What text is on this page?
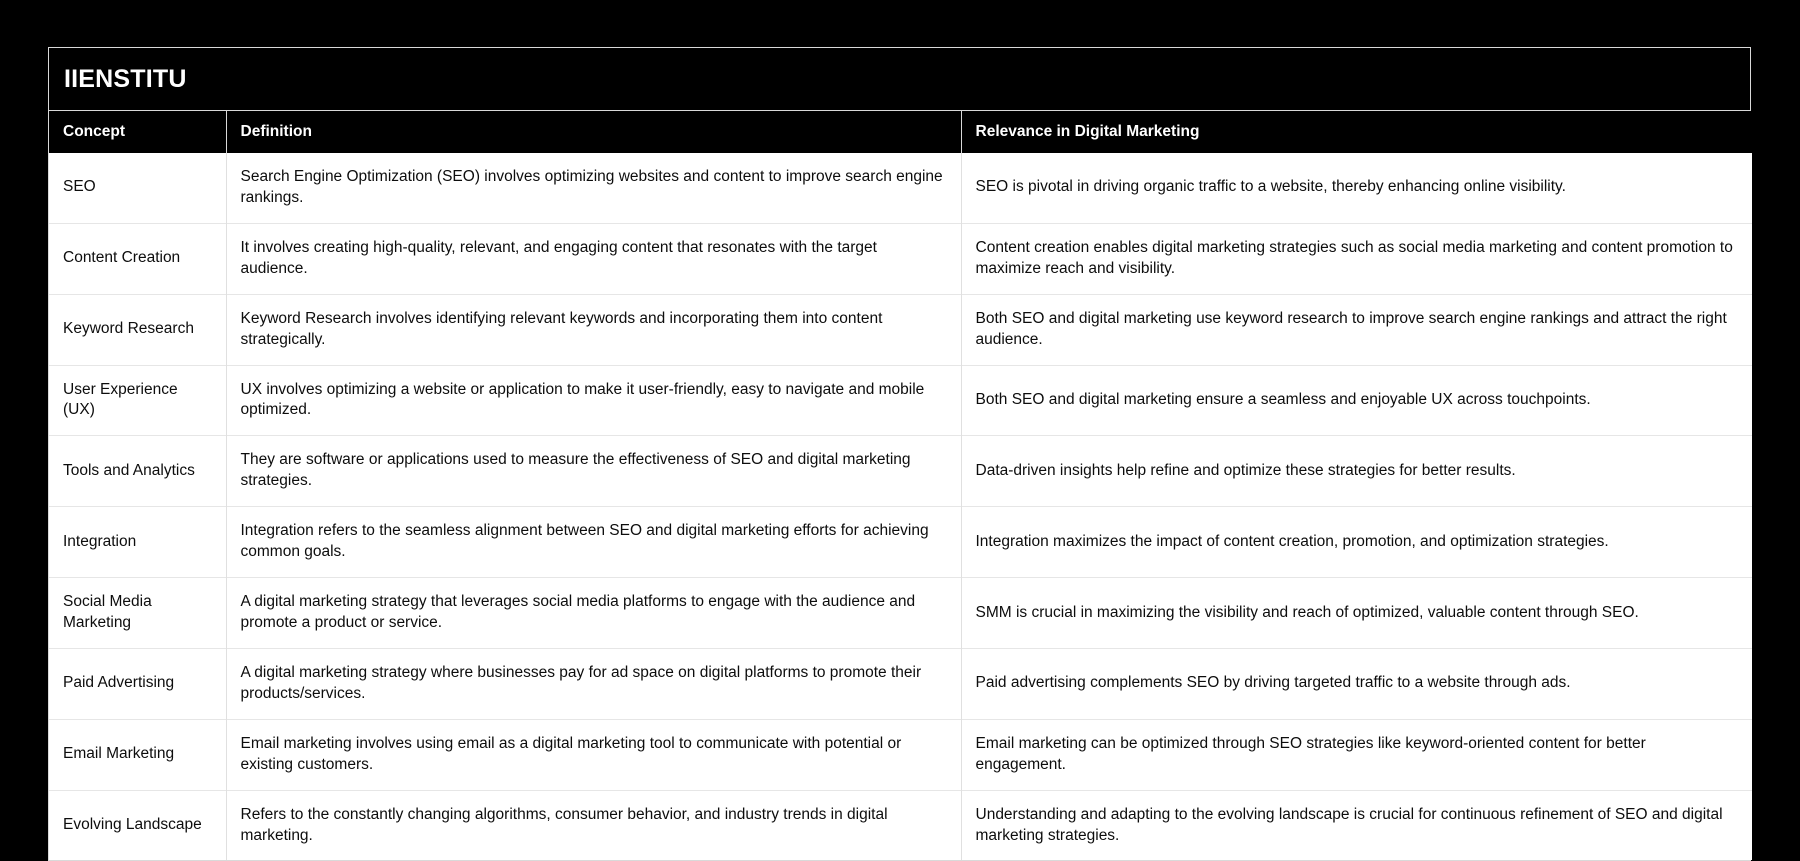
IIENSTITU
Concept	Definition	Relevance in Digital Marketing
SEO	Search Engine Optimization (SEO) involves optimizing websites and content to improve search engine rankings.	SEO is pivotal in driving organic traffic to a website, thereby enhancing online visibility.
Content Creation	It involves creating high-quality, relevant, and engaging content that resonates with the target audience.	Content creation enables digital marketing strategies such as social media marketing and content promotion to maximize reach and visibility.
Keyword Research	Keyword Research involves identifying relevant keywords and incorporating them into content strategically.	Both SEO and digital marketing use keyword research to improve search engine rankings and attract the right audience.
User Experience (UX)	UX involves optimizing a website or application to make it user-friendly, easy to navigate and mobile optimized.	Both SEO and digital marketing ensure a seamless and enjoyable UX across touchpoints.
Tools and Analytics	They are software or applications used to measure the effectiveness of SEO and digital marketing strategies.	Data-driven insights help refine and optimize these strategies for better results.
Integration	Integration refers to the seamless alignment between SEO and digital marketing efforts for achieving common goals.	Integration maximizes the impact of content creation, promotion, and optimization strategies.
Social Media Marketing	A digital marketing strategy that leverages social media platforms to engage with the audience and promote a product or service.	SMM is crucial in maximizing the visibility and reach of optimized, valuable content through SEO.
Paid Advertising	A digital marketing strategy where businesses pay for ad space on digital platforms to promote their products/services.	Paid advertising complements SEO by driving targeted traffic to a website through ads.
Email Marketing	Email marketing involves using email as a digital marketing tool to communicate with potential or existing customers.	Email marketing can be optimized through SEO strategies like keyword-oriented content for better engagement.
Evolving Landscape	Refers to the constantly changing algorithms, consumer behavior, and industry trends in digital marketing.	Understanding and adapting to the evolving landscape is crucial for continuous refinement of SEO and digital marketing strategies.
